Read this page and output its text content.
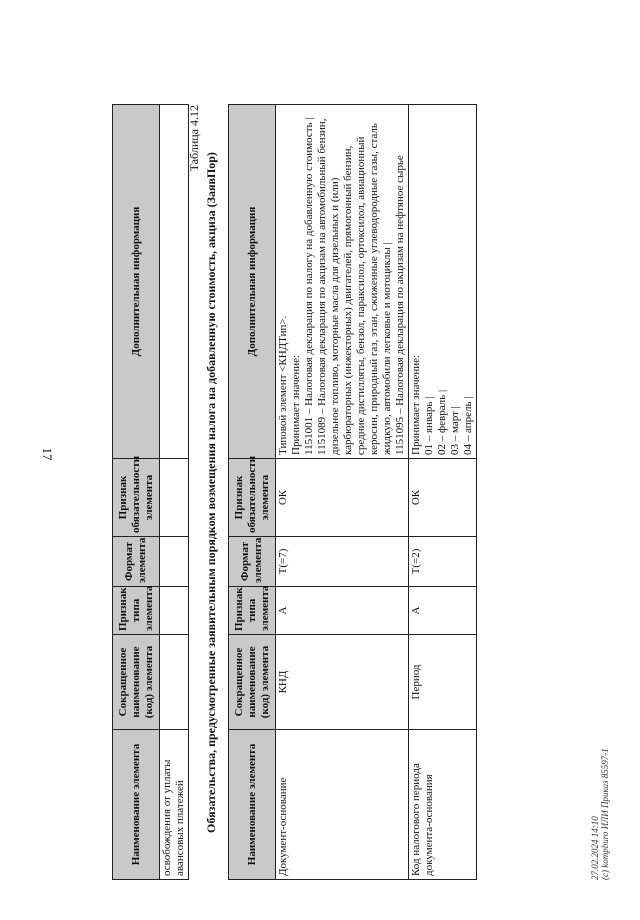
17
Наименование элемента	Сокращенное наименование (код) элемента	Признак типа элемента	Формат элемента	Признак обязательности элемента	Дополнительная информация
освобождения от уплаты авансовых платежей					
Таблица 4.12
Обязательства, предусмотренные заявительным порядком возмещения налога на добавленную стоимость, акциза (ЗаявПор)	Наименование элемента	Сокращенное наименование (код) элемента	Признак типа элемента	Формат элемента	Признак обязательности элемента	Дополнительная информация
Документ-основание	КНД	А	T(=7)	ОК	Типовой элемент <КНДТип>. Принимает значение: 1151001 – Налоговая декларация по налогу на добавленную стоимость | 1151089 – Налоговая декларация по акцизам на автомобильный бензин, дизельное топливо, моторные масла для дизельных и (или) карбюраторных (инжекторных) двигателей, прямогонный бензин, средние дистилляты, бензол, параксилол, ортоксилол, авиационный керосин, природный газ, этан, сжиженные углеводородные газы, сталь жидкую, автомобили легковые и мотоциклы | 1151095 – Налоговая декларация по акцизам на нефтяное сырье

Код налогового периода документа-основания	Период	А	T(=2)	ОК	Принимает значение: 01 – январь | 02 – февраль | 03 – март | 04 – апрель |
27.02.2024 14:10 (c) kompburo ИЛИ Приказ 85597-1
